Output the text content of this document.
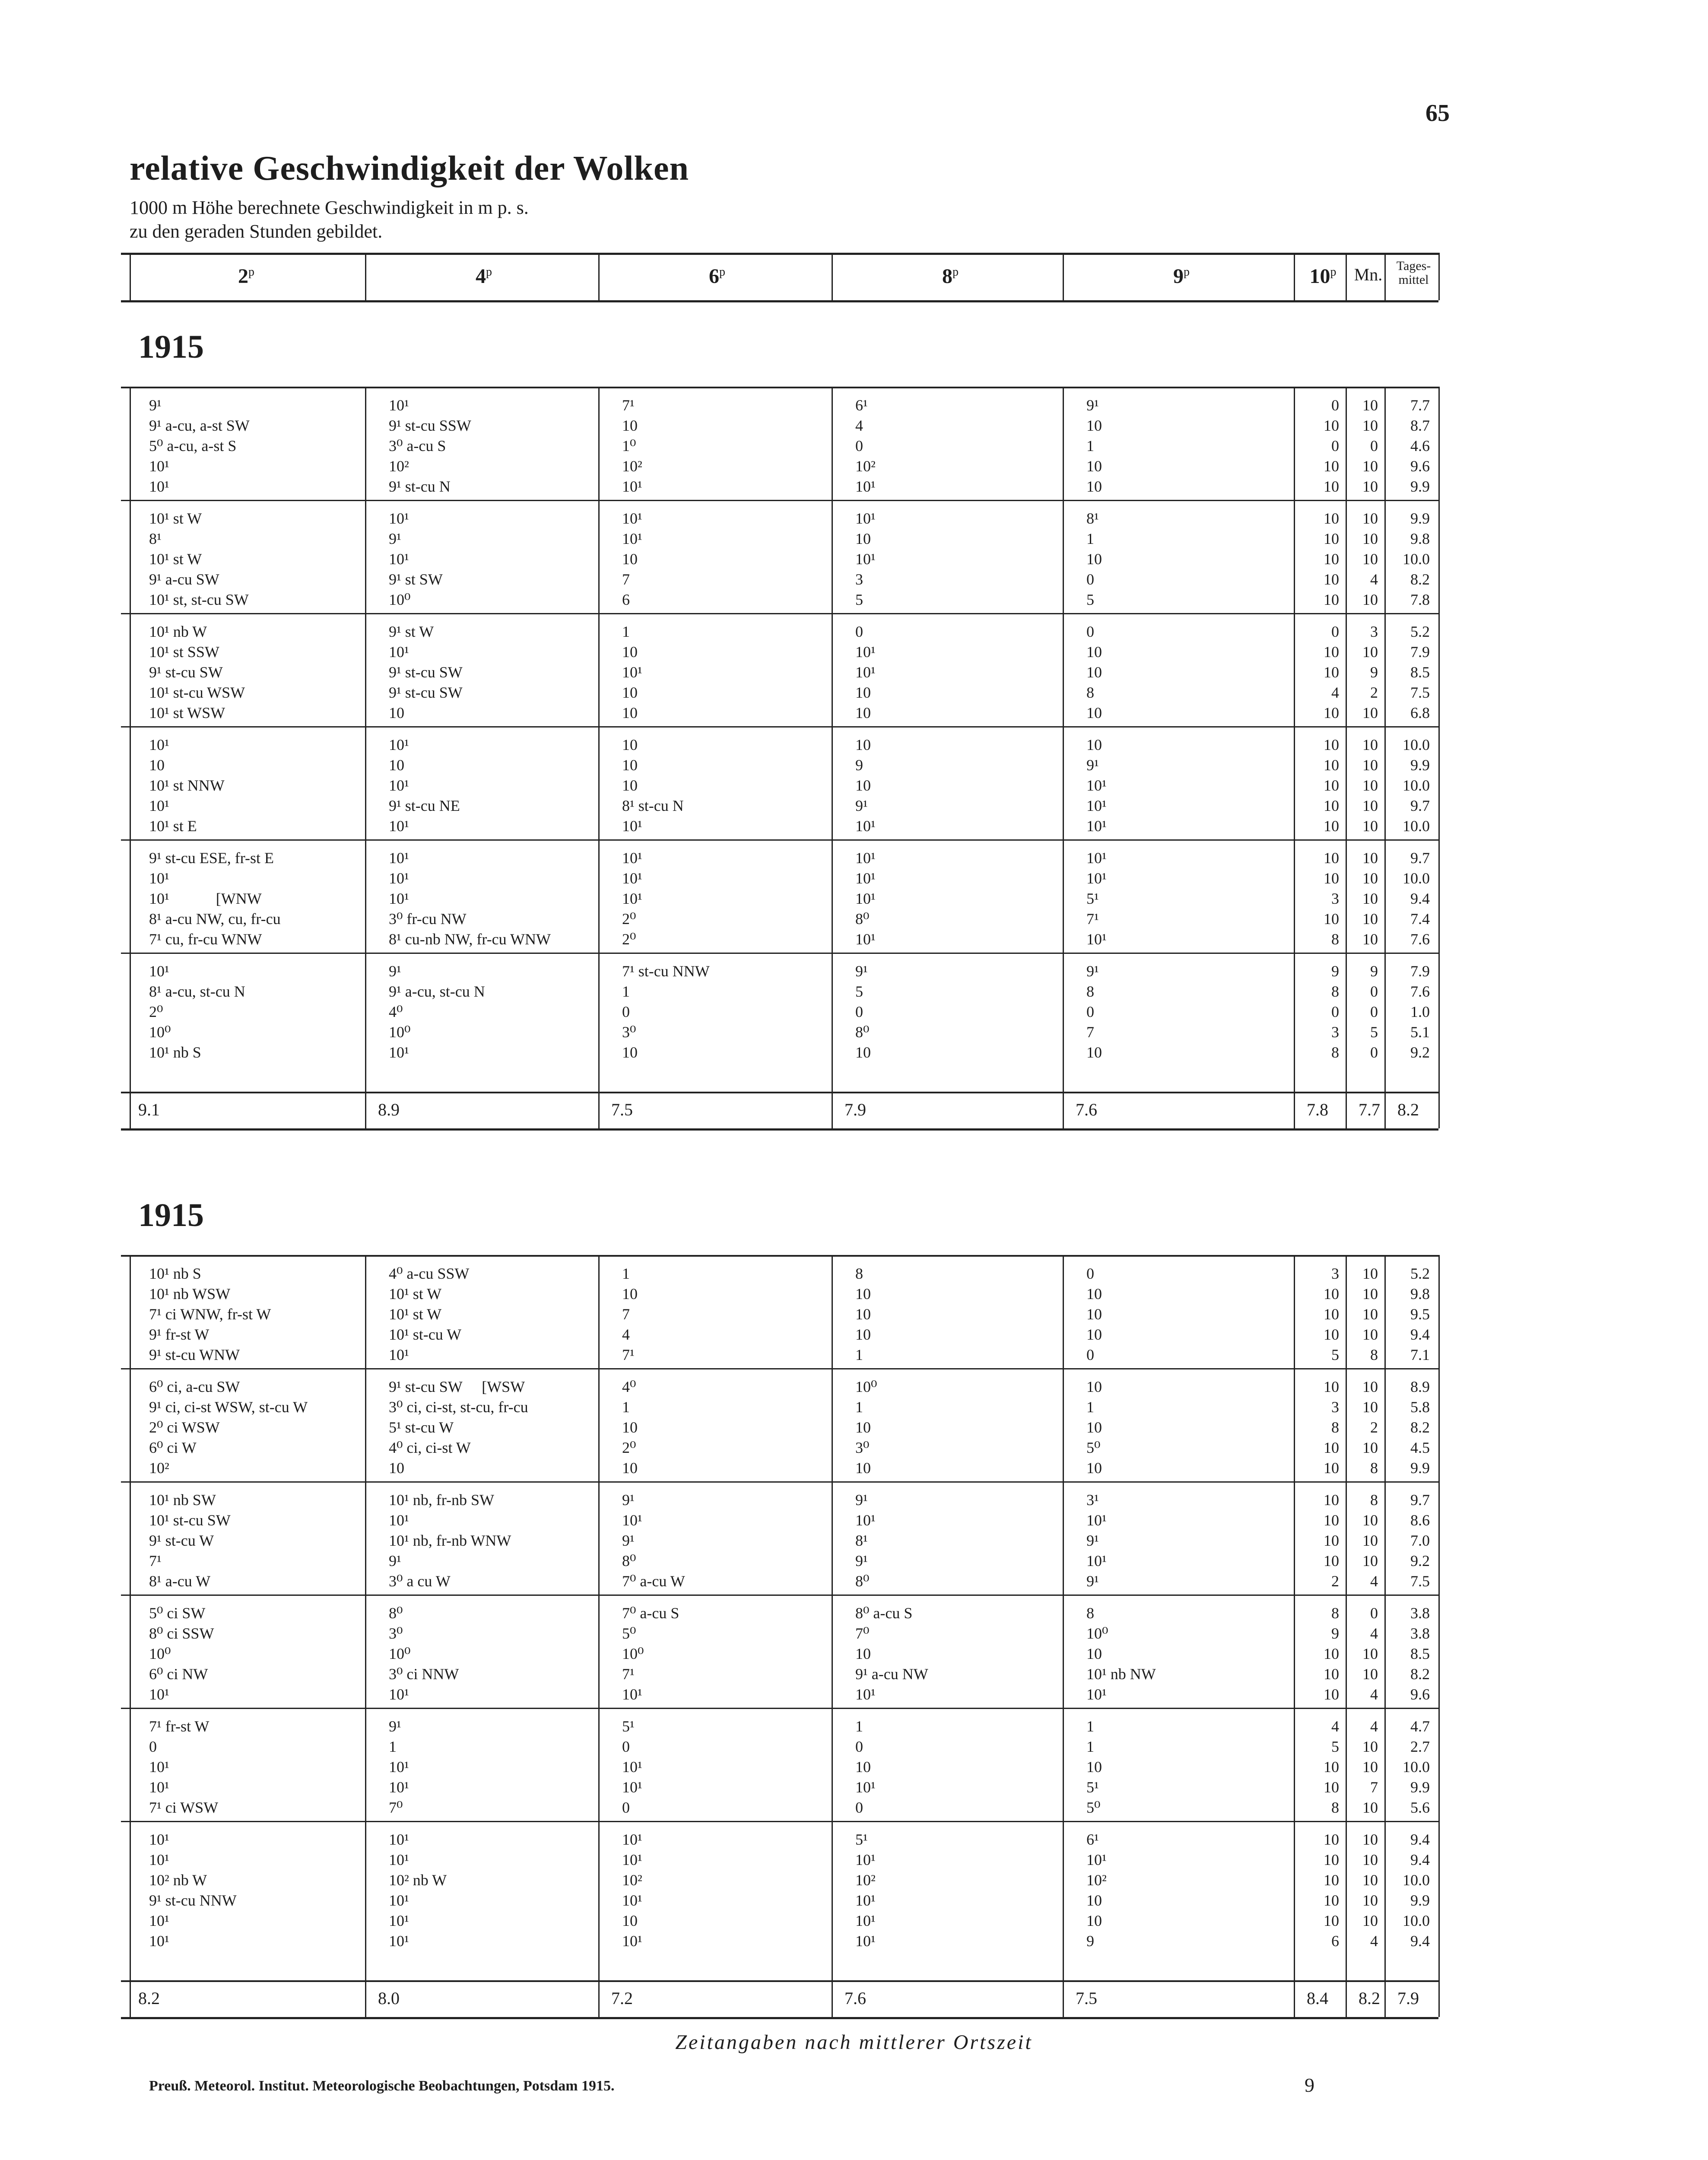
65
relative Geschwindigkeit der Wolken
1000 m Höhe berechnete Geschwindigkeit in m p. s.
zu den geraden Stunden gebildet.
2$^p$	4$^p$	6$^p$	8$^p$	9$^p$	10$^p$	Mn.	Tages- mittel
1915
9¹	10¹	7¹	6¹	9¹	0	10	7.7
9¹ a-cu, a-st SW	9¹ st-cu SSW	10	4	10	10	10	8.7
5⁰ a-cu, a-st S	3⁰ a-cu S	1⁰	0	1	0	0	4.6
10¹	10²	10²	10²	10	10	10	9.6
10¹	9¹ st-cu N	10¹	10¹	10	10	10	9.9
10¹ st W	10¹	10¹	10¹	8¹	10	10	9.9
8¹	9¹	10¹	10	1	10	10	9.8
10¹ st W	10¹	10	10¹	10	10	10	10.0
9¹ a-cu SW	9¹ st SW	7	3	0	10	4	8.2
10¹ st, st-cu SW	10⁰	6	5	5	10	10	7.8
10¹ nb W	9¹ st W	1	0	0	0	3	5.2
10¹ st SSW	10¹	10	10¹	10	10	10	7.9
9¹ st-cu SW	9¹ st-cu SW	10¹	10¹	10	10	9	8.5
10¹ st-cu WSW	9¹ st-cu SW	10	10	8	4	2	7.5
10¹ st WSW	10	10	10	10	10	10	6.8
10¹	10¹	10	10	10	10	10	10.0
10	10	10	9	9¹	10	10	9.9
10¹ st NNW	10¹	10	10	10¹	10	10	10.0
10¹	9¹ st-cu NE	8¹ st-cu N	9¹	10¹	10	10	9.7
10¹ st E	10¹	10¹	10¹	10¹	10	10	10.0
9¹ st-cu ESE, fr-st E	10¹	10¹	10¹	10¹	10	10	9.7
10¹	10¹	10¹	10¹	10¹	10	10	10.0
10¹            [WNW	10¹	10¹	10¹	5¹	3	10	9.4
8¹ a-cu NW, cu, fr-cu	3⁰ fr-cu NW	2⁰	8⁰	7¹	10	10	7.4
7¹ cu, fr-cu WNW	8¹ cu-nb NW, fr-cu WNW	2⁰	10¹	10¹	8	10	7.6
10¹	9¹	7¹ st-cu NNW	9¹	9¹	9	9	7.9
8¹ a-cu, st-cu N	9¹ a-cu, st-cu N	1	5	8	8	0	7.6
2⁰	4⁰	0	0	0	0	0	1.0
10⁰	10⁰	3⁰	8⁰	7	3	5	5.1
10¹ nb S	10¹	10	10	10	8	0	9.2
9.1	8.9	7.5	7.9	7.6	7.8 7.7 8.2
1915
10¹ nb S	4⁰ a-cu SSW	1	8	0	3	10	5.2
10¹ nb WSW	10¹ st W	10	10	10	10	10	9.8
7¹ ci WNW, fr-st W	10¹ st W	7	10	10	10	10	9.5
9¹ fr-st W	10¹ st-cu W	4	10	10	10	10	9.4
9¹ st-cu WNW	10¹	7¹	1	0	5	8	7.1
6⁰ ci, a-cu SW	9¹ st-cu SW     [WSW	4⁰	10⁰	10	10	10	8.9
9¹ ci, ci-st WSW, st-cu W	3⁰ ci, ci-st, st-cu, fr-cu	1	1	1	3	10	5.8
2⁰ ci WSW	5¹ st-cu W	10	10	10	8	2	8.2
6⁰ ci W	4⁰ ci, ci-st W	2⁰	3⁰	5⁰	10	10	4.5
10²	10	10	10	10	10	8	9.9
10¹ nb SW	10¹ nb, fr-nb SW	9¹	9¹	3¹	10	8	9.7
10¹ st-cu SW	10¹	10¹	10¹	10¹	10	10	8.6
9¹ st-cu W	10¹ nb, fr-nb WNW	9¹	8¹	9¹	10	10	7.0
7¹	9¹	8⁰	9¹	10¹	10	10	9.2
8¹ a-cu W	3⁰ a cu W	7⁰ a-cu W	8⁰	9¹	2	4	7.5
5⁰ ci SW	8⁰	7⁰ a-cu S	8⁰ a-cu S	8	8	0	3.8
8⁰ ci SSW	3⁰	5⁰	7⁰	10⁰	9	4	3.8
10⁰	10⁰	10⁰	10	10	10	10	8.5
6⁰ ci NW	3⁰ ci NNW	7¹	9¹ a-cu NW	10¹ nb NW	10	10	8.2
10¹	10¹	10¹	10¹	10¹	10	4	9.6
7¹ fr-st W	9¹	5¹	1	1	4	4	4.7
0	1	0	0	1	5	10	2.7
10¹	10¹	10¹	10	10	10	10	10.0
10¹	10¹	10¹	10¹	5¹	10	7	9.9
7¹ ci WSW	7⁰	0	0	5⁰	8	10	5.6
10¹	10¹	10¹	5¹	6¹	10	10	9.4
10¹	10¹	10¹	10¹	10¹	10	10	9.4
10² nb W	10² nb W	10²	10²	10²	10	10	10.0
9¹ st-cu NNW	10¹	10¹	10¹	10	10	10	9.9
10¹	10¹	10	10¹	10	10	10	10.0
10¹	10¹	10¹	10¹	9	6	4	9.4
8.2	8.0	7.2	7.6	7.5	8.4 8.2 7.9
Zeitangaben nach mittlerer Ortszeit
Preuß. Meteorol. Institut. Meteorologische Beobachtungen, Potsdam 1915.	9
